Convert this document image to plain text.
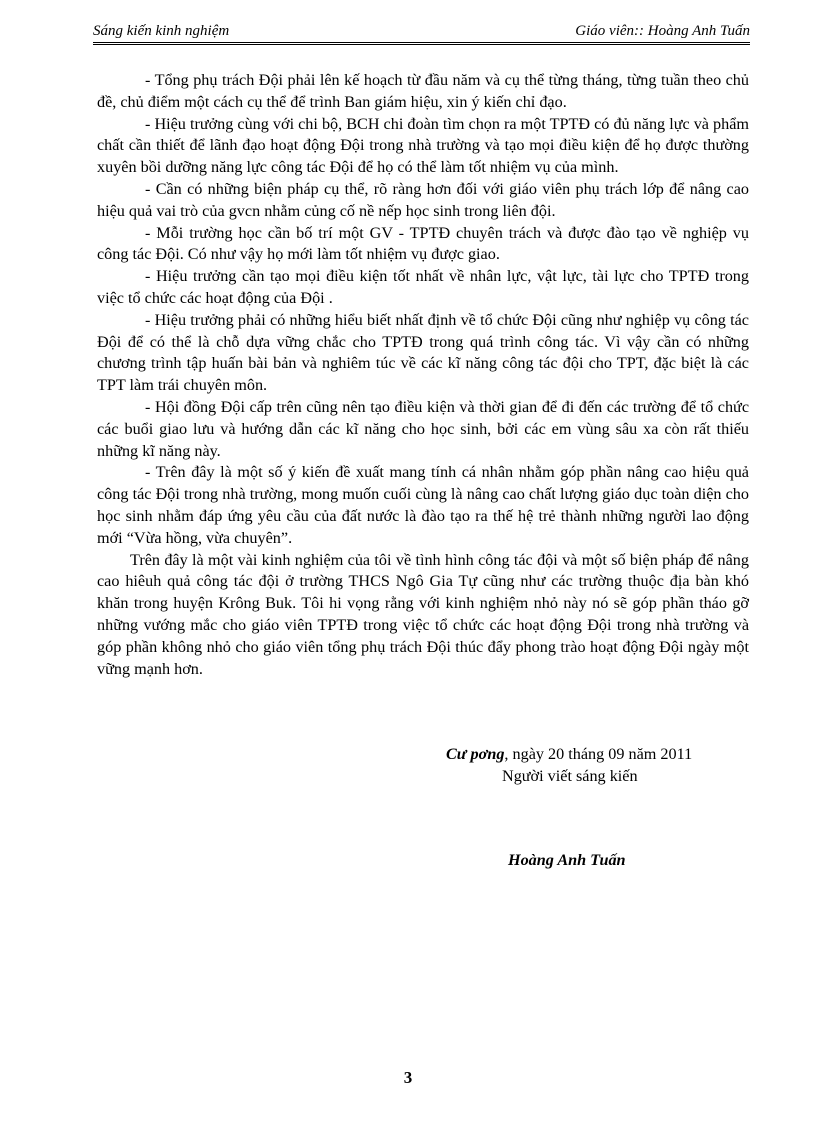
Sáng kiến kinh nghiệm	Giáo viên:: Hoàng Anh Tuấn

- Tổng phụ trách Đội phải lên kế hoạch từ đầu năm và cụ thể từng tháng, từng tuần theo chủ đề, chủ điểm một cách cụ thể để trình Ban giám hiệu, xin ý kiến chỉ đạo.

- Hiệu trưởng cùng với chi bộ, BCH chi đoàn tìm chọn ra một TPTĐ có đủ năng lực và phẩm chất cần thiết để lãnh đạo hoạt động Đội trong nhà trường và tạo mọi điều kiện để họ được thường xuyên bồi dưỡng năng lực công tác Đội để họ có thể làm tốt nhiệm vụ của mình.

- Cần có những biện pháp cụ thể, rõ ràng hơn đối với giáo viên phụ trách lớp để nâng cao hiệu quả vai trò của gvcn nhằm củng cố nề nếp học sinh trong liên đội.

- Mỗi trường học cần bố trí một GV - TPTĐ chuyên trách và được đào tạo về nghiệp vụ công tác Đội. Có như vậy họ mới làm tốt nhiệm vụ được giao.

- Hiệu trưởng cần tạo mọi điều kiện tốt nhất về nhân lực, vật lực, tài lực cho TPTĐ trong việc tổ chức các hoạt động của Đội .

- Hiệu trưởng phải có những hiểu biết nhất định về tổ chức Đội cũng như nghiệp vụ công tác Đội để có thể là chỗ dựa vững chắc cho TPTĐ trong quá trình công tác. Vì vậy cần có những chương trình tập huấn bài bản và nghiêm túc về các kĩ năng công tác đội cho TPT, đặc biệt là các TPT làm trái chuyên môn.

- Hội đồng Đội cấp trên cũng nên tạo điều kiện và thời gian để đi đến các trường để tổ chức các buổi giao lưu và hướng dẫn các kĩ năng cho học sinh, bởi các em vùng sâu xa còn rất thiếu những kĩ năng này.

- Trên đây là một số ý kiến đề xuất mang tính cá nhân nhằm góp phần nâng cao hiệu quả công tác Đội trong nhà trường, mong muốn cuối cùng là nâng cao chất lượng giáo dục toàn diện cho học sinh nhằm đáp ứng yêu cầu của đất nước là đào tạo ra thế hệ trẻ thành những người lao động mới “Vừa hồng, vừa chuyên”.

Trên đây là một vài kinh nghiệm của tôi về tình hình công tác đội và một số biện pháp để nâng cao hiêuh quả công tác đội ở trường THCS Ngô Gia Tự cũng như các trường thuộc địa bàn khó khăn trong huyện Krông Buk. Tôi hi vọng rằng với kinh nghiệm nhỏ này nó sẽ góp phần tháo gỡ những vướng mắc cho giáo viên TPTĐ trong việc tổ chức các hoạt động Đội trong nhà trường và góp phần không nhỏ cho giáo viên tổng phụ trách Đội thúc đẩy phong trào hoạt động Đội ngày một vững mạnh hơn.

Cư pơng, ngày 20 tháng 09 năm 2011
Người viết sáng kiến
Hoàng Anh Tuấn
3
